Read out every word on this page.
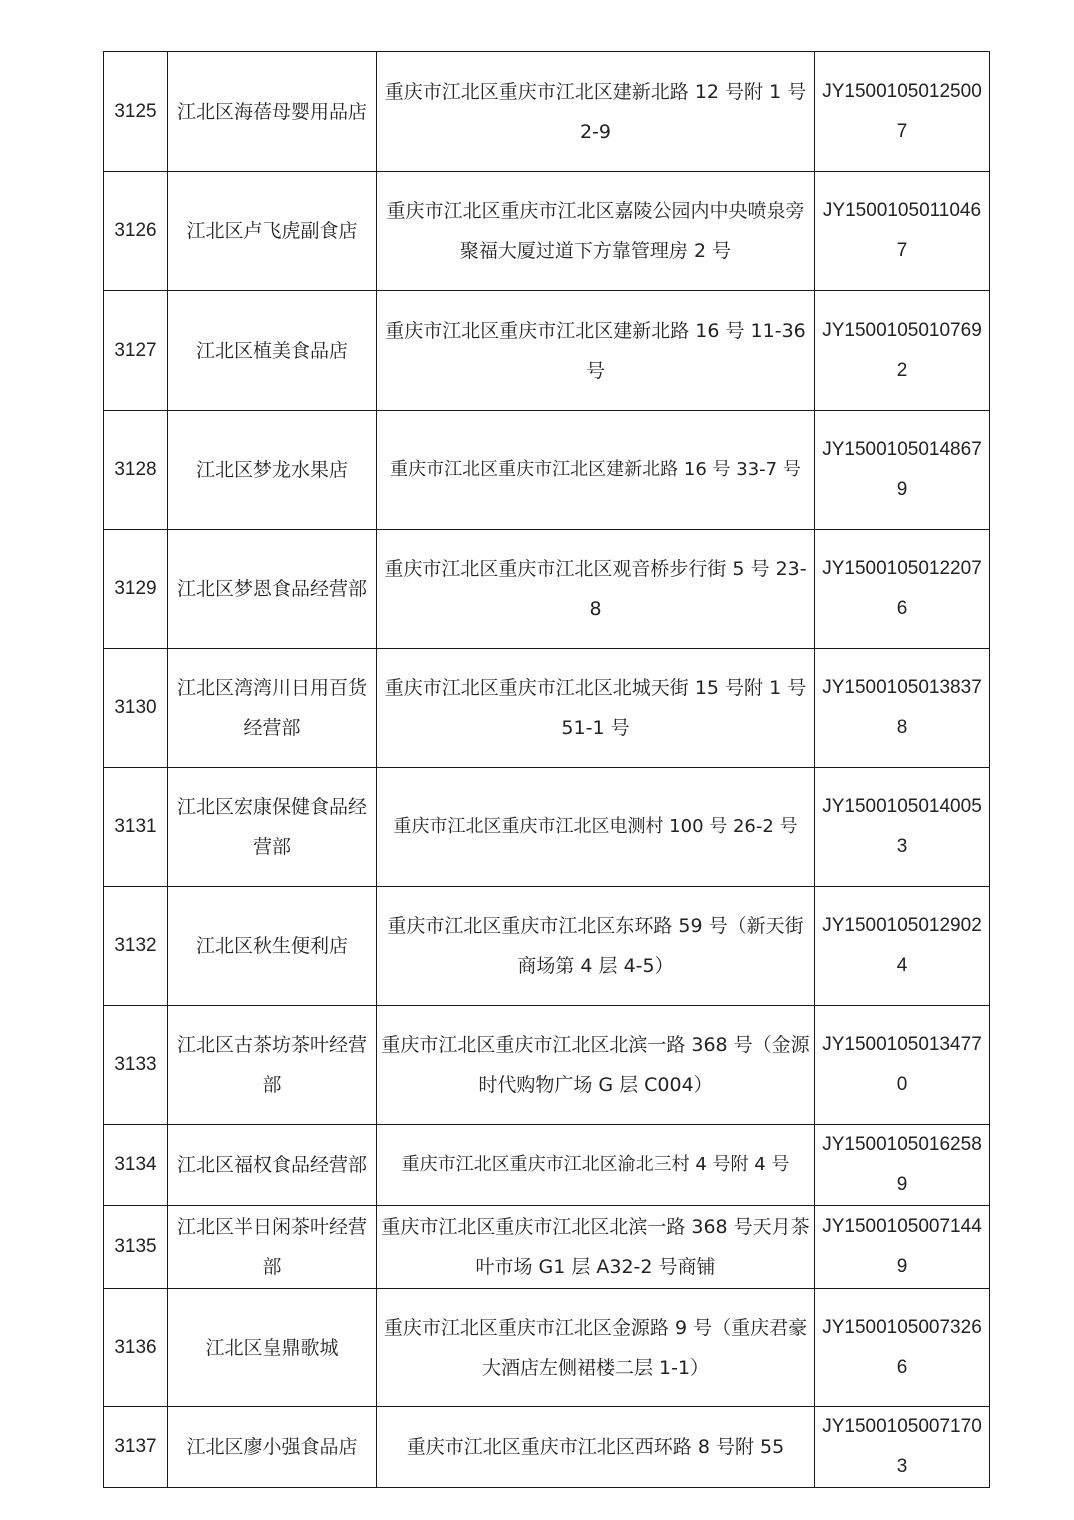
3125	江北区海蓓母婴用品店	重庆市江北区重庆市江北区建新北路 12 号附 1 号 2-9	JY15001050125007
3126	江北区卢飞虎副食店	重庆市江北区重庆市江北区嘉陵公园内中央喷泉旁聚福大厦过道下方靠管理房 2 号	JY15001050110467
3127	江北区植美食品店	重庆市江北区重庆市江北区建新北路 16 号 11-36 号	JY15001050107692
3128	江北区梦龙水果店	重庆市江北区重庆市江北区建新北路 16 号 33-7 号	JY15001050148679
3129	江北区梦恩食品经营部	重庆市江北区重庆市江北区观音桥步行街 5 号 23-8	JY15001050122076
3130	江北区湾湾川日用百货经营部	重庆市江北区重庆市江北区北城天街 15 号附 1 号 51-1 号	JY15001050138378
3131	江北区宏康保健食品经营部	重庆市江北区重庆市江北区电测村 100 号 26-2 号	JY15001050140053
3132	江北区秋生便利店	重庆市江北区重庆市江北区东环路 59 号（新天街商场第 4 层 4-5）	JY15001050129024
3133	江北区古茶坊茶叶经营部	重庆市江北区重庆市江北区北滨一路 368 号（金源时代购物广场 G 层 C004）	JY15001050134770
3134	江北区福权食品经营部	重庆市江北区重庆市江北区渝北三村 4 号附 4 号	JY15001050162589
3135	江北区半日闲茶叶经营部	重庆市江北区重庆市江北区北滨一路 368 号天月茶叶市场 G1 层 A32-2 号商铺	JY15001050071449
3136	江北区皇鼎歌城	重庆市江北区重庆市江北区金源路 9 号（重庆君豪大酒店左侧裙楼二层 1-1）	JY15001050073266
3137	江北区廖小强食品店	重庆市江北区重庆市江北区西环路 8 号附 55	JY15001050071703
